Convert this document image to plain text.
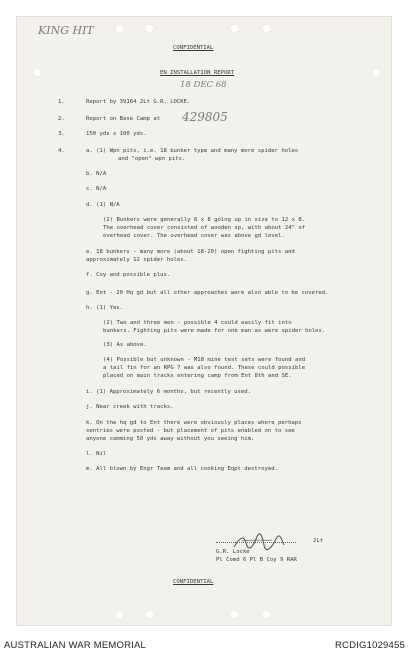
KING HIT
18 DEC 68
429805
CONFIDENTIAL
EN INSTALLATION REPORT
1.	Report by 39164 2Lt G.R. LOCKE.
2.	Report on Base Camp at
3.	150 yds x 100 yds.
4.	a. (1) Wpn pits, i.e. 18 bunker type and many more spider holes
and "open" wpn pits.
b. N/A
c. N/A
d. (1) N/A
(2) Bunkers were generally 8 x 8 going up in size to 12 x 8.
The overhead cover consisted of wooden sp, with about 24" of
overhead cover. The overhead cover was above gd level.
e. 18 bunkers - many more (about 18-20) open fighting pits and
approximately 12 spider holes.
f. Coy and possible plus.
g. Ent - 20 Hq gd but all other approaches were also able to be covered.
h. (1) Yes.
(2) Two and three men - possible 4 could easily fit into
bunkers. Fighting pits were made for one man as were spider holes.
(3) As above.
(4) Possible but unknown - M18 mine test sets were found and
a tail fin for an RPG 7 was also found. These could possible
placed on main tracks entering camp from Ent 8th and SE.
i. (1) Approximately 6 months, but recently used.
j. Near creek with tracks.
k. On the hq gd to Ent there were obviously places where perhaps
sentries were posted - but placement of pits enabled on to see
anyone comming 50 yds away without you seeing him.
l. Nil
m. All blown by Engr Team and all cooking Eqpt destroyed.
2Lt
G.R. Locke
Pl Comd 6 Pl B Coy 9 RAR
CONFIDENTIAL
AUSTRALIAN WAR MEMORIAL	RCDIG1029455
